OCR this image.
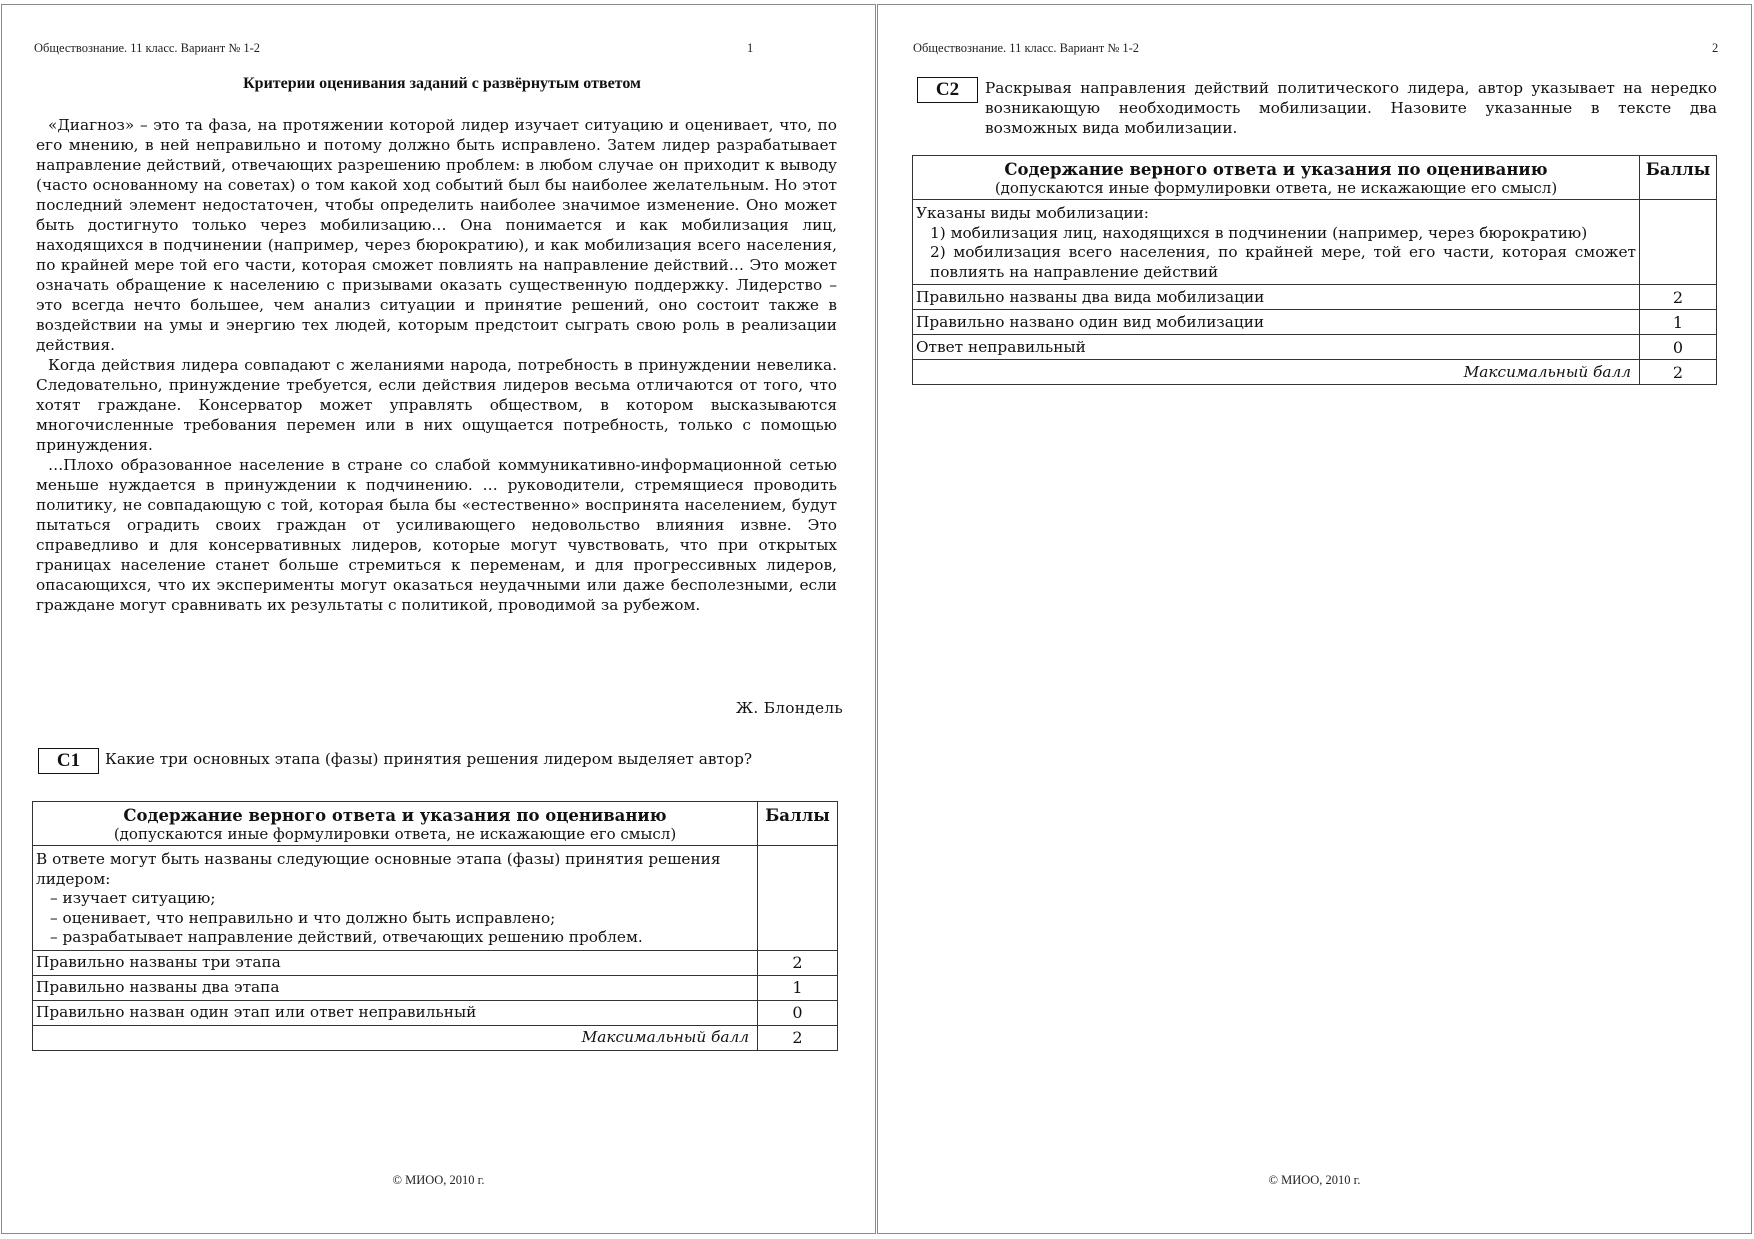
Обществознание. 11 класс. Вариант № 1-2	1
Критерии оценивания заданий с развёрнутым ответом

«Диагноз» – это та фаза, на протяжении которой лидер изучает ситуацию и оценивает, что, по его мнению, в ней неправильно и потому должно быть исправлено. Затем лидер разрабатывает направление действий, отвечающих разрешению проблем: в любом случае он приходит к выводу (часто основанному на советах) о том какой ход событий был бы наиболее желательным. Но этот последний элемент недостаточен, чтобы определить наиболее значимое изменение. Оно может быть достигнуто только через мобилизацию… Она понимается и как мобилизация лиц, находящихся в подчинении (например, через бюрократию), и как мобилизация всего населения, по крайней мере той его части, которая сможет повлиять на направление действий… Это может означать обращение к населению с призывами оказать существенную поддержку. Лидерство – это всегда нечто большее, чем анализ ситуации и принятие решений, оно состоит также в воздействии на умы и энергию тех людей, которым предстоит сыграть свою роль в реализации действия.

Когда действия лидера совпадают с желаниями народа, потребность в принуждении невелика. Следовательно, принуждение требуется, если действия лидеров весьма отличаются от того, что хотят граждане. Консерватор может управлять обществом, в котором высказываются многочисленные требования перемен или в них ощущается потребность, только с помощью принуждения.

…Плохо образованное население в стране со слабой коммуникативно-информационной сетью меньше нуждается в принуждении к подчинению. … руководители, стремящиеся проводить политику, не совпадающую с той, которая была бы «естественно» воспринята населением, будут пытаться оградить своих граждан от усиливающего недовольство влияния извне. Это справедливо и для консервативных лидеров, которые могут чувствовать, что при открытых границах население станет больше стремиться к переменам, и для прогрессивных лидеров, опасающихся, что их эксперименты могут оказаться неудачными или даже бесполезными, если граждане могут сравнивать их результаты с политикой, проводимой за рубежом.

Ж. Блондель
С1	Какие три основных этапа (фазы) принятия решения лидером выделяет автор?
Содержание верного ответа и указания по оцениванию
(допускаются иные формулировки ответа, не искажающие его смысл)	Баллы
В ответе могут быть названы следующие основные этапа (фазы) принятия решения лидером:
– изучает ситуацию;
– оценивает, что неправильно и что должно быть исправлено;
– разрабатывает направление действий, отвечающих решению проблем.	

Правильно названы три этапа	2
Правильно названы два этапа	1
Правильно назван один этап или ответ неправильный	0
Максимальный балл	2
© МИОО, 2010 г.
Обществознание. 11 класс. Вариант № 1-2	2
С2	Раскрывая направления действий политического лидера, автор указывает на нередко возникающую необходимость мобилизации. Назовите указанные в тексте два возможных вида мобилизации.
Содержание верного ответа и указания по оцениванию
(допускаются иные формулировки ответа, не искажающие его смысл)	Баллы
Указаны виды мобилизации:
1) мобилизация лиц, находящихся в подчинении (например, через бюрократию)
2) мобилизация всего населения, по крайней мере, той его части, которая сможет повлиять на направление действий	

Правильно названы два вида мобилизации	2
Правильно названо один вид мобилизации	1
Ответ неправильный	0
Максимальный балл	2
© МИОО, 2010 г.
